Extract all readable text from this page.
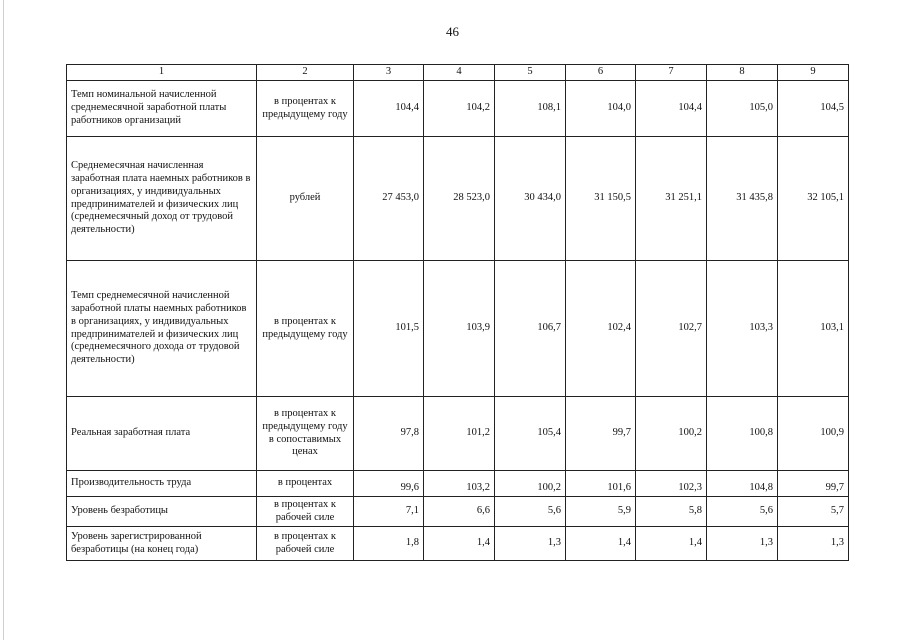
46
1	2	3	4	5	6	7	8	9
Темп номинальной начисленной среднемесячной заработной платы работников организаций	в процентах к предыдущему году	104,4	104,2	108,1	104,0	104,4	105,0	104,5
Среднемесячная начисленная заработная плата наемных работников в организациях, у индивидуальных предпринимателей и физических лиц (среднемесячный доход от трудовой деятельности)	рублей	27 453,0	28 523,0	30 434,0	31 150,5	31 251,1	31 435,8	32 105,1
Темп среднемесячной начисленной заработной платы наемных работников в организациях, у индивидуальных предпринимателей и физических лиц (среднемесячного дохода от трудовой деятельности)	в процентах к предыдущему году	101,5	103,9	106,7	102,4	102,7	103,3	103,1
Реальная заработная плата	в процентах к предыдущему году в сопоставимых ценах	97,8	101,2	105,4	99,7	100,2	100,8	100,9
Производительность труда	в процентах	99,6	103,2	100,2	101,6	102,3	104,8	99,7
Уровень безработицы	в процентах к рабочей силе	7,1	6,6	5,6	5,9	5,8	5,6	5,7
Уровень зарегистрированной безработицы (на конец года)	в процентах к рабочей силе	1,8	1,4	1,3	1,4	1,4	1,3	1,3
